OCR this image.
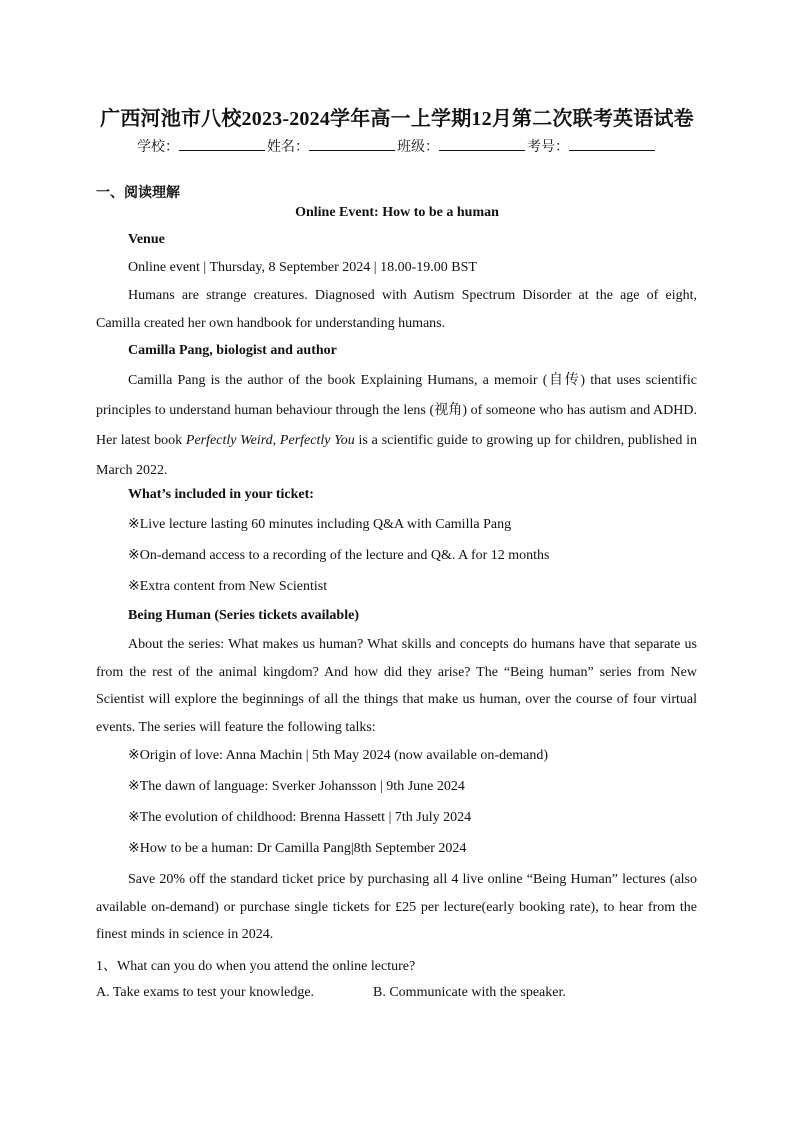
广西河池市八校2023-2024学年高一上学期12月第二次联考英语试卷
学校：	姓名：	班级：	考号：
一、阅读理解
Online Event: How to be a human
Venue
Online event | Thursday, 8 September 2024 | 18.00-19.00 BST
Humans are strange creatures. Diagnosed with Autism Spectrum Disorder at the age of eight, Camilla created her own handbook for understanding humans.
Camilla Pang, biologist and author
Camilla Pang is the author of the book Explaining Humans, a memoir (自传) that uses scientific principles to understand human behaviour through the lens (视角) of someone who has autism and ADHD. Her latest book Perfectly Weird, Perfectly You is a scientific guide to growing up for children, published in March 2022.
What’s included in your ticket:
※Live lecture lasting 60 minutes including Q&A with Camilla Pang
※On-demand access to a recording of the lecture and Q&. A for 12 months
※Extra content from New Scientist
Being Human (Series tickets available)
About the series: What makes us human? What skills and concepts do humans have that separate us from the rest of the animal kingdom? And how did they arise? The “Being human” series from New Scientist will explore the beginnings of all the things that make us human, over the course of four virtual events. The series will feature the following talks:
※Origin of love: Anna Machin | 5th May 2024 (now available on-demand)
※The dawn of language: Sverker Johansson | 9th June 2024
※The evolution of childhood: Brenna Hassett | 7th July 2024
※How to be a human: Dr Camilla Pang|8th September 2024
Save 20% off the standard ticket price by purchasing all 4 live online “Being Human” lectures (also available on-demand) or purchase single tickets for £25 per lecture(early booking rate), to hear from the finest minds in science in 2024.
1、What can you do when you attend the online lecture?
A. Take exams to test your knowledge.	B. Communicate with the speaker.
